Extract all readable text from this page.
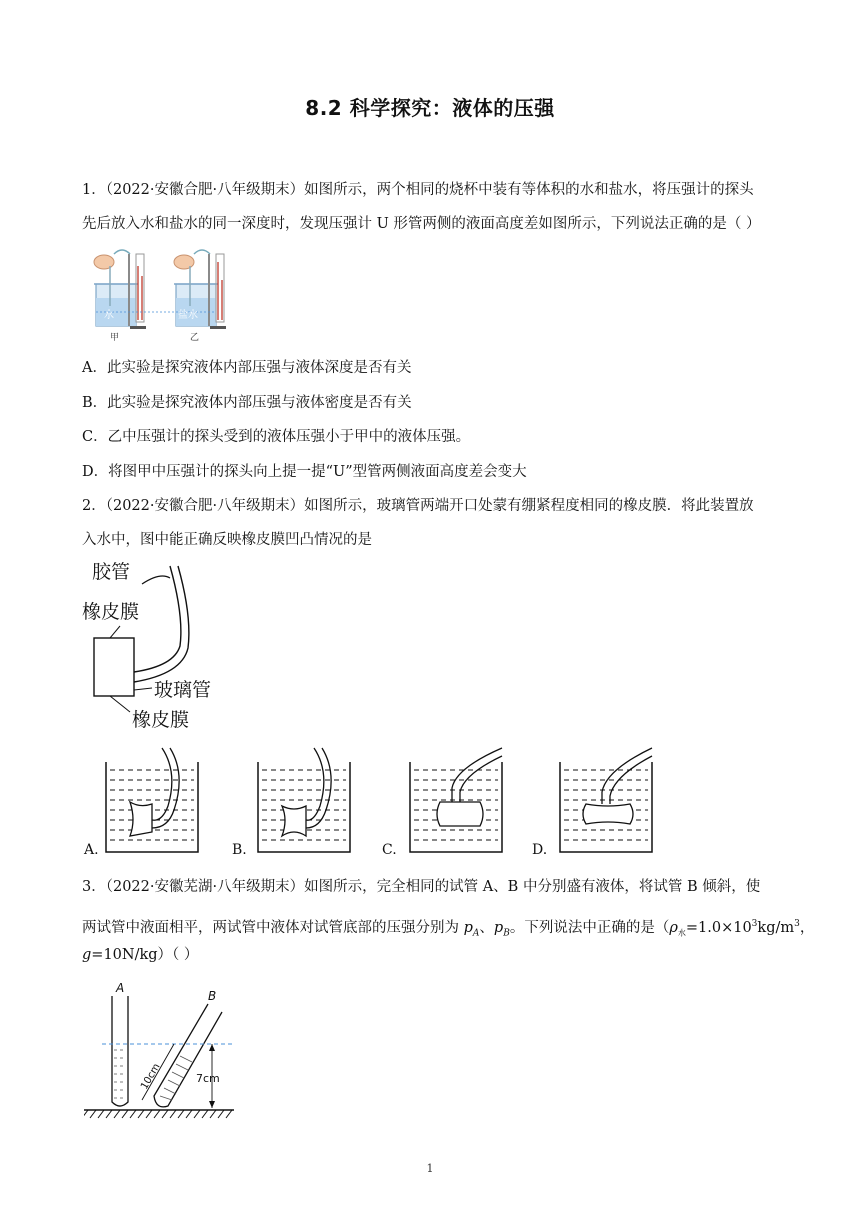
8.2 科学探究：液体的压强
1．（2022·安徽合肥·八年级期末）如图所示，两个相同的烧杯中装有等体积的水和盐水，将压强计的探头
先后放入水和盐水的同一深度时，发现压强计 U 形管两侧的液面高度差如图所示，下列说法正确的是（ ）
水	盐水
甲	乙
A．此实验是探究液体内部压强与液体深度是否有关
B．此实验是探究液体内部压强与液体密度是否有关
C．乙中压强计的探头受到的液体压强小于甲中的液体压强。
D．将图甲中压强计的探头向上提一提“U”型管两侧液面高度差会变大
2．（2022·安徽合肥·八年级期末）如图所示，玻璃管两端开口处蒙有绷紧程度相同的橡皮膜．将此装置放
入水中，图中能正确反映橡皮膜凹凸情况的是
胶管
橡皮膜
玻璃管
橡皮膜
A.	B.	C.	D.
3．（2022·安徽芜湖·八年级期末）如图所示，完全相同的试管 A、B 中分别盛有液体，将试管 B 倾斜，使
两试管中液面相平，两试管中液体对试管底部的压强分别为 $p_A$、$p_B$。下列说法中正确的是（$\rho_水=1.0\times 10^3kg/m^3$，
g=10N/kg）（ ）
A
B
10cm	7cm
1
